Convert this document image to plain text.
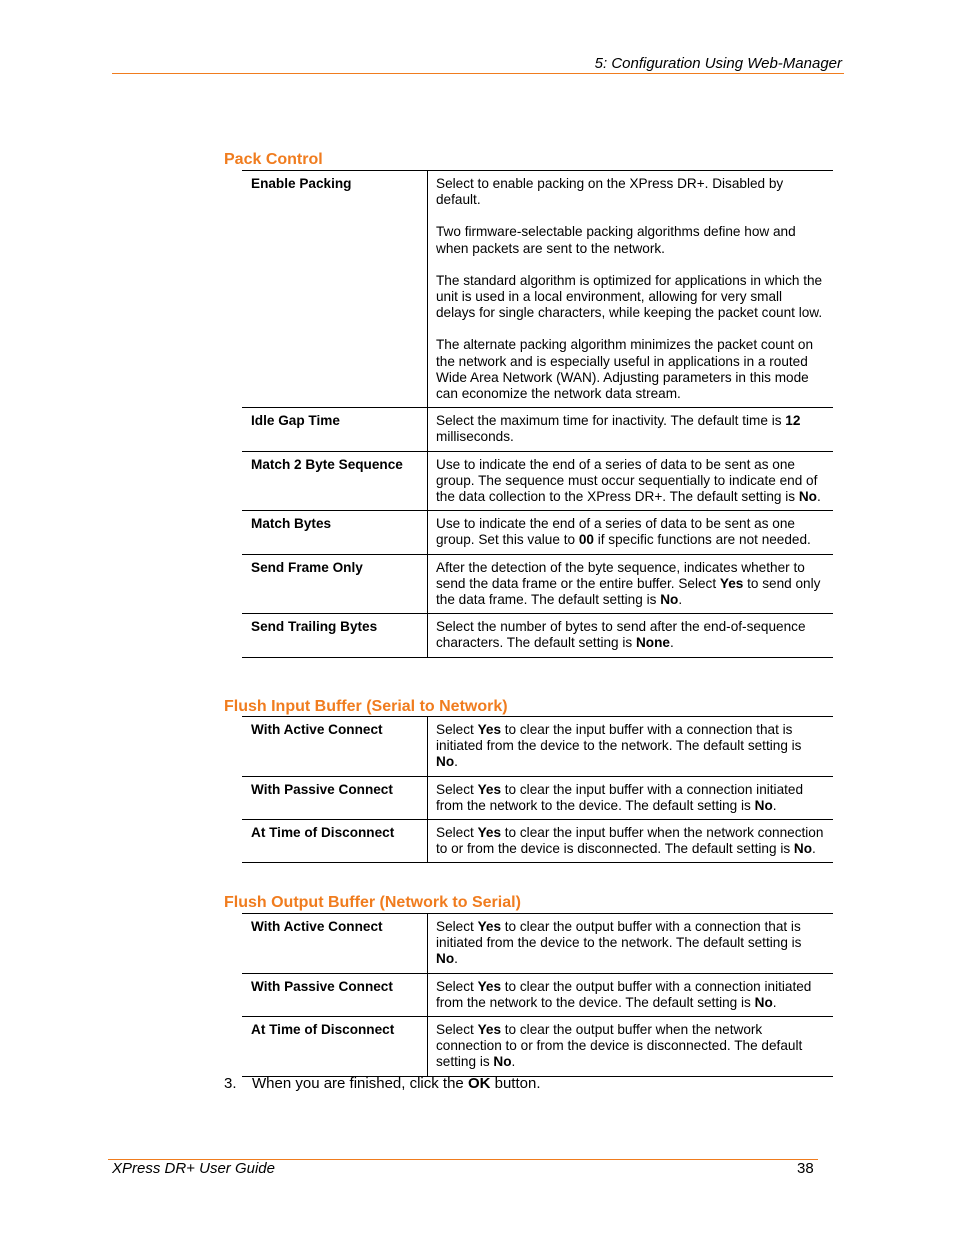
5: Configuration Using Web-Manager
Pack Control
Enable Packing	Select to enable packing on the XPress DR+. Disabled by default.

Two firmware-selectable packing algorithms define how and when packets are sent to the network.

The standard algorithm is optimized for applications in which the unit is used in a local environment, allowing for very small delays for single characters, while keeping the packet count low.

The alternate packing algorithm minimizes the packet count on the network and is especially useful in applications in a routed Wide Area Network (WAN). Adjusting parameters in this mode can economize the network data stream.

Idle Gap Time	Select the maximum time for inactivity. The default time is 12 milliseconds.

Match 2 Byte Sequence	Use to indicate the end of a series of data to be sent as one group. The sequence must occur sequentially to indicate end of the data collection to the XPress DR+. The default setting is No.

Match Bytes	Use to indicate the end of a series of data to be sent as one group. Set this value to 00 if specific functions are not needed.

Send Frame Only	After the detection of the byte sequence, indicates whether to send the data frame or the entire buffer. Select Yes to send only the data frame. The default setting is No.

Send Trailing Bytes	Select the number of bytes to send after the end-of-sequence characters. The default setting is None.

Flush Input Buffer (Serial to Network)
With Active Connect	Select Yes to clear the input buffer with a connection that is initiated from the device to the network. The default setting is No.

With Passive Connect	Select Yes to clear the input buffer with a connection initiated from the network to the device. The default setting is No.

At Time of Disconnect	Select Yes to clear the input buffer when the network connection to or from the device is disconnected. The default setting is No.

Flush Output Buffer (Network to Serial)
With Active Connect	Select Yes to clear the output buffer with a connection that is initiated from the device to the network. The default setting is No.

With Passive Connect	Select Yes to clear the output buffer with a connection initiated from the network to the device. The default setting is No.

At Time of Disconnect	Select Yes to clear the output buffer when the network connection to or from the device is disconnected. The default setting is No.

3. When you are finished, click the OK button.
XPress DR+ User Guide	38
